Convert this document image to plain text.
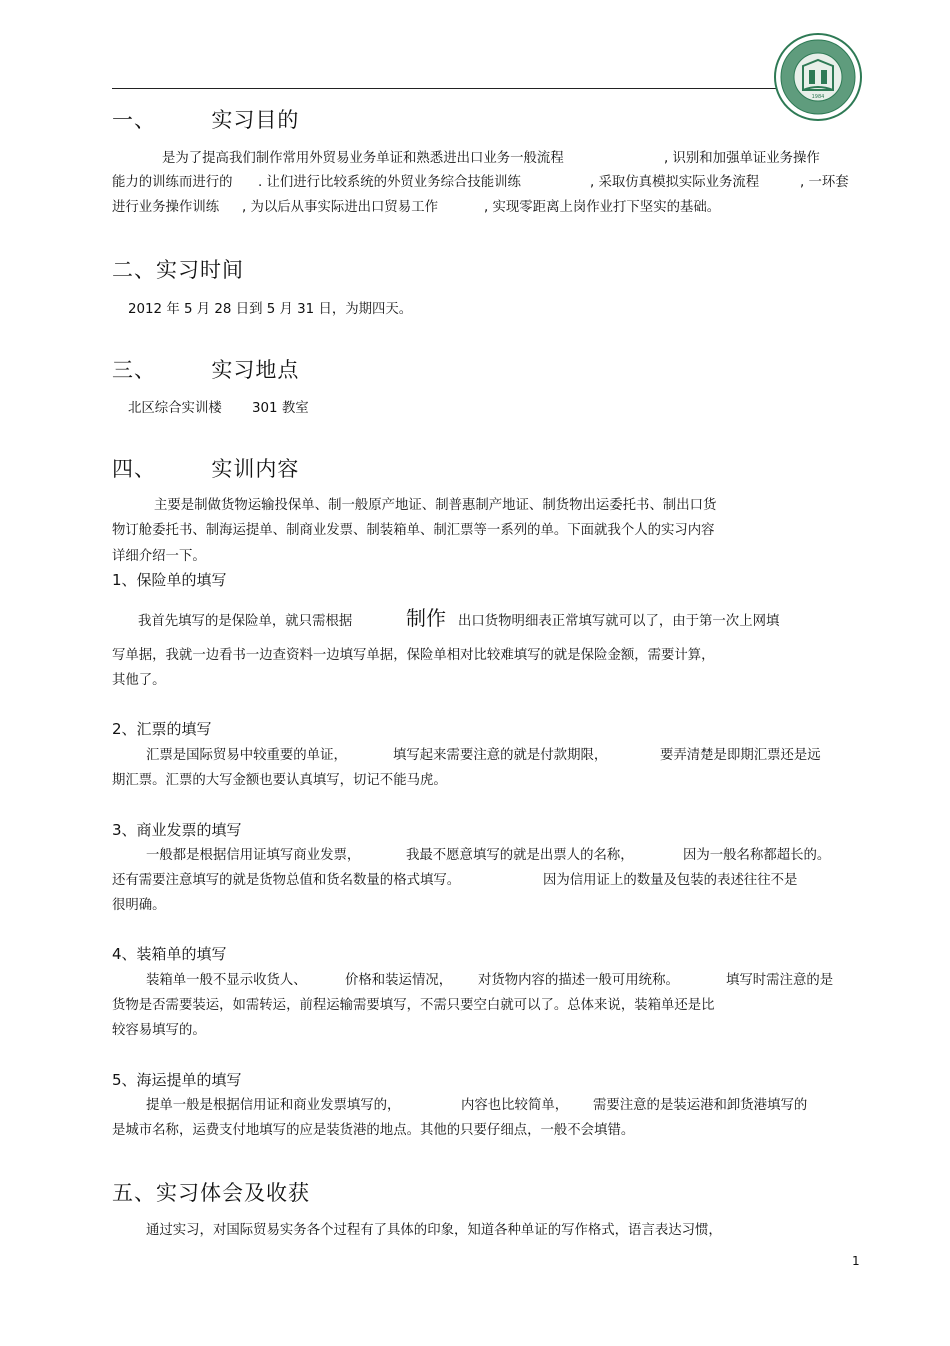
1984
一、	实习目的
是为了提高我们制作常用外贸易业务单证和熟悉进出口业务一般流程	, 识别和加强单证业务操作
能力的训练而进行的 . 让们进行比较系统的外贸业务综合技能训练	, 采取仿真模拟实际业务流程	, 一环套
进行业务操作训练 , 为以后从事实际进出口贸易工作	, 实现零距离上岗作业打下坚实的基础。
二、实习时间
2012 年 5 月 28 日到 5 月 31 日，为期四天。
三、	实习地点
北区综合实训楼 301 教室
四、	实训内容
主要是制做货物运输投保单、制一般原产地证、制普惠制产地证、制货物出运委托书、制出口货
物订舱委托书、制海运提单、制商业发票、制装箱单、制汇票等一系列的单。下面就我个人的实习内容
详细介绍一下。
1、保险单的填写
我首先填写的是保险单，就只需根据	制作 出口货物明细表正常填写就可以了，由于第一次上网填
写单据，我就一边看书一边查资料一边填写单据，保险单相对比较难填写的就是保险金额，需要计算，
其他了。
2、汇票的填写
汇票是国际贸易中较重要的单证，	填写起来需要注意的就是付款期限，	要弄清楚是即期汇票还是远
期汇票。汇票的大写金额也要认真填写，切记不能马虎。
3、商业发票的填写
一般都是根据信用证填写商业发票，	我最不愿意填写的就是出票人的名称，	因为一般名称都超长的。
还有需要注意填写的就是货物总值和货名数量的格式填写。	因为信用证上的数量及包装的表述往往不是
很明确。
4、装箱单的填写
装箱单一般不显示收货人、	价格和装运情况， 对货物内容的描述一般可用统称。	填写时需注意的是
货物是否需要装运，如需转运，前程运输需要填写，不需只要空白就可以了。总体来说，装箱单还是比
较容易填写的。
5、海运提单的填写
提单一般是根据信用证和商业发票填写的，	内容也比较简单， 需要注意的是装运港和卸货港填写的
是城市名称，运费支付地填写的应是装货港的地点。其他的只要仔细点，一般不会填错。
五、实习体会及收获
通过实习，对国际贸易实务各个过程有了具体的印象，知道各种单证的写作格式，语言表达习惯，
1
